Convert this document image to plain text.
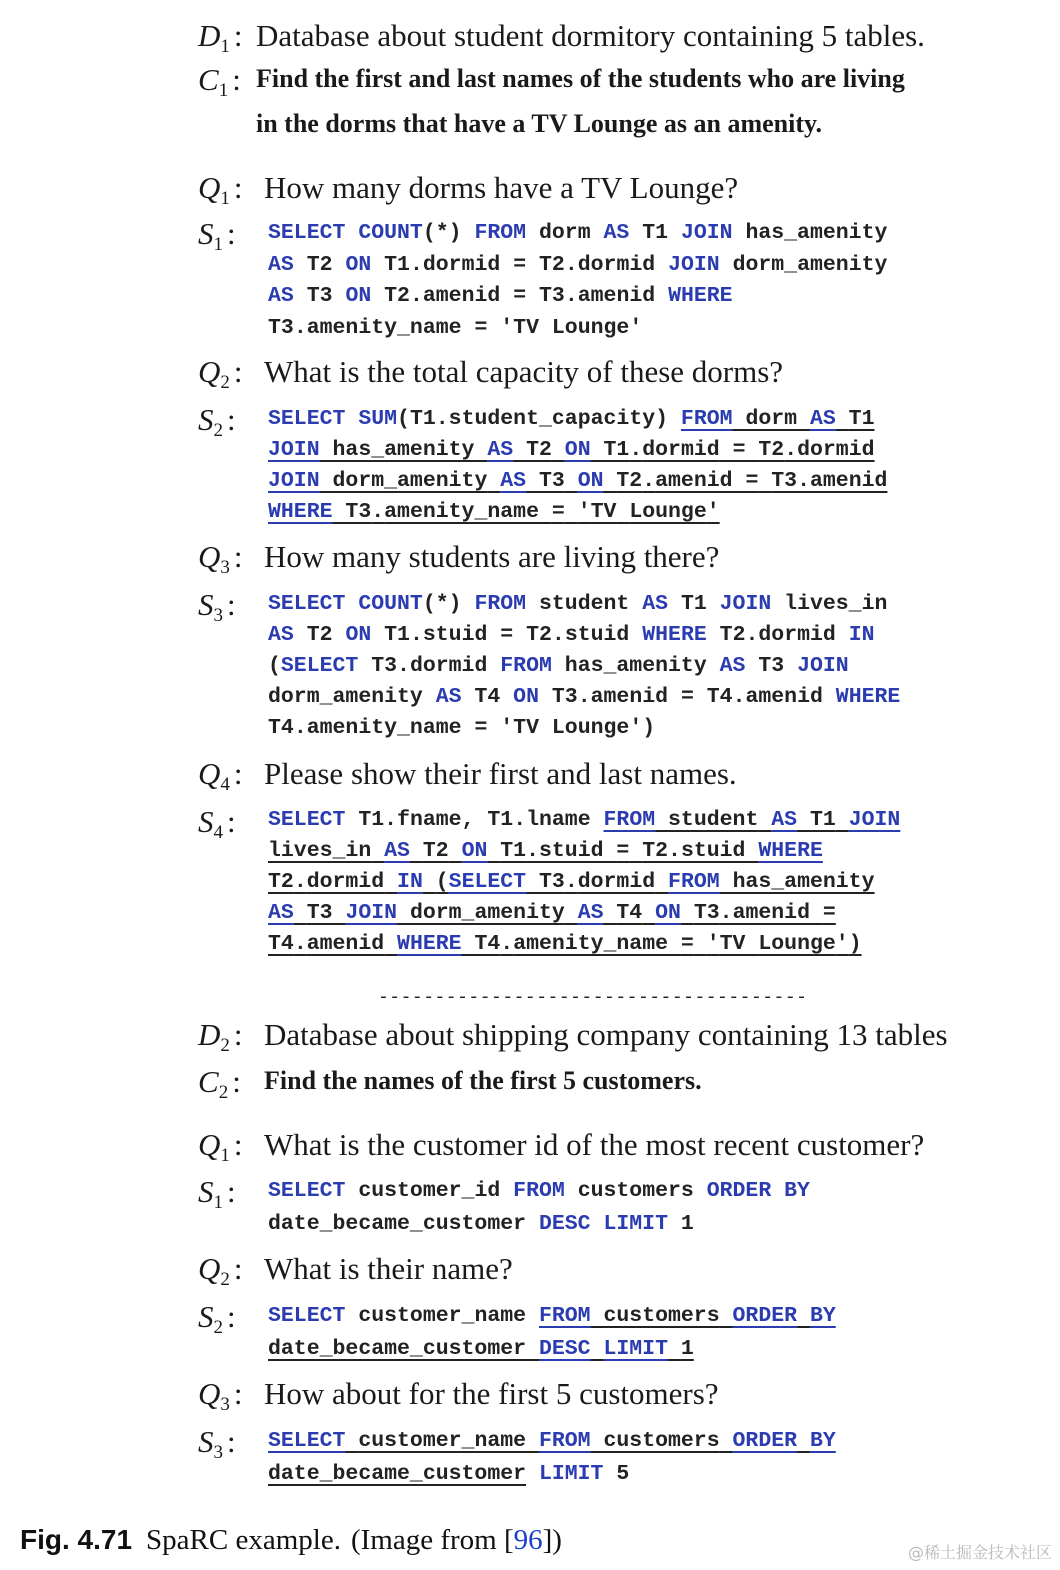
$D_1$ : Database about student dormitory containing 5 tables.
$C_1$ : Find the first and last names of the students who are living
in the dorms that have a TV Lounge as an amenity.
$Q_1$ : How many dorms have a TV Lounge?
$S_1$ : SELECT COUNT(*) FROM dorm AS T1 JOIN has_amenity
AS T2 ON T1.dormid = T2.dormid JOIN dorm_amenity
AS T3 ON T2.amenid = T3.amenid WHERE
T3.amenity_name = 'TV Lounge'
$Q_2$ : What is the total capacity of these dorms?
$S_2$ : SELECT SUM(T1.student_capacity) FROM dorm AS T1
JOIN has_amenity AS T2 ON T1.dormid = T2.dormid
JOIN dorm_amenity AS T3 ON T2.amenid = T3.amenid
WHERE T3.amenity_name = 'TV Lounge'
$Q_3$ : How many students are living there?
$S_3$ : SELECT COUNT(*) FROM student AS T1 JOIN lives_in
AS T2 ON T1.stuid = T2.stuid WHERE T2.dormid IN
(SELECT T3.dormid FROM has_amenity AS T3 JOIN
dorm_amenity AS T4 ON T3.amenid = T4.amenid WHERE
T4.amenity_name = 'TV Lounge')
$Q_4$ : Please show their first and last names.
$S_4$ : SELECT T1.fname, T1.lname FROM student AS T1 JOIN
lives_in AS T2 ON T1.stuid = T2.stuid WHERE
T2.dormid IN (SELECT T3.dormid FROM has_amenity
AS T3 JOIN dorm_amenity AS T4 ON T3.amenid =
T4.amenid WHERE T4.amenity_name = 'TV Lounge')
--------------------------------------
$D_2$ : Database about shipping company containing 13 tables
$C_2$ : Find the names of the first 5 customers.
$Q_1$ : What is the customer id of the most recent customer?
$S_1$ : SELECT customer_id FROM customers ORDER BY
date_became_customer DESC LIMIT 1
$Q_2$ : What is their name?
$S_2$ : SELECT customer_name FROM customers ORDER BY
date_became_customer DESC LIMIT 1
$Q_3$ : How about for the first 5 customers?
$S_3$ : SELECT customer_name FROM customers ORDER BY
date_became_customer LIMIT 5
Fig. 4.71 SpaRC example. (Image from [96])	@稀土掘金技术社区
